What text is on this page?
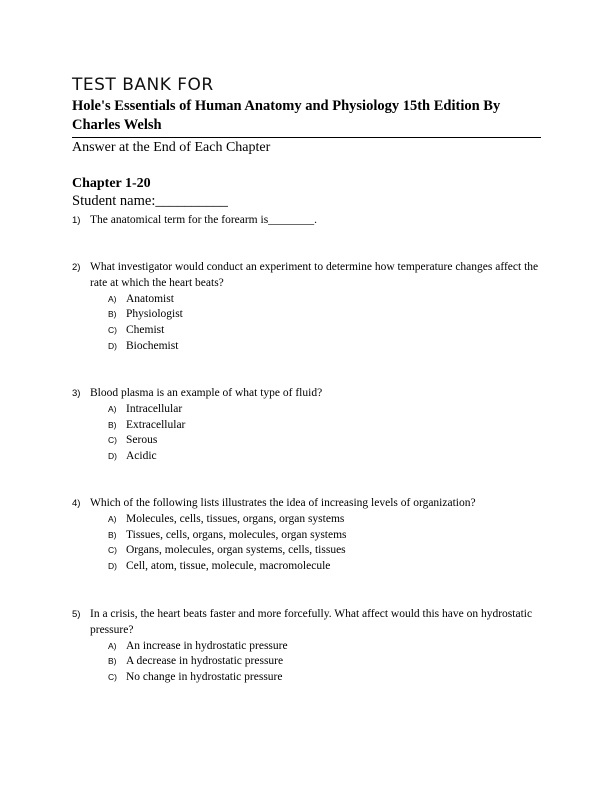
TEST BANK FOR
Hole's Essentials of Human Anatomy and Physiology 15th Edition By Charles Welsh
Answer at the End of Each Chapter
Chapter 1-20
Student name:__________
1) The anatomical term for the forearm is________.
2) What investigator would conduct an experiment to determine how temperature changes affect the rate at which the heart beats?
A) Anatomist
B) Physiologist
C) Chemist
D) Biochemist
3) Blood plasma is an example of what type of fluid?
A) Intracellular
B) Extracellular
C) Serous
D) Acidic
4) Which of the following lists illustrates the idea of increasing levels of organization?
A) Molecules, cells, tissues, organs, organ systems
B) Tissues, cells, organs, molecules, organ systems
C) Organs, molecules, organ systems, cells, tissues
D) Cell, atom, tissue, molecule, macromolecule
5) In a crisis, the heart beats faster and more forcefully. What affect would this have on hydrostatic pressure?
A) An increase in hydrostatic pressure
B) A decrease in hydrostatic pressure
C) No change in hydrostatic pressure
